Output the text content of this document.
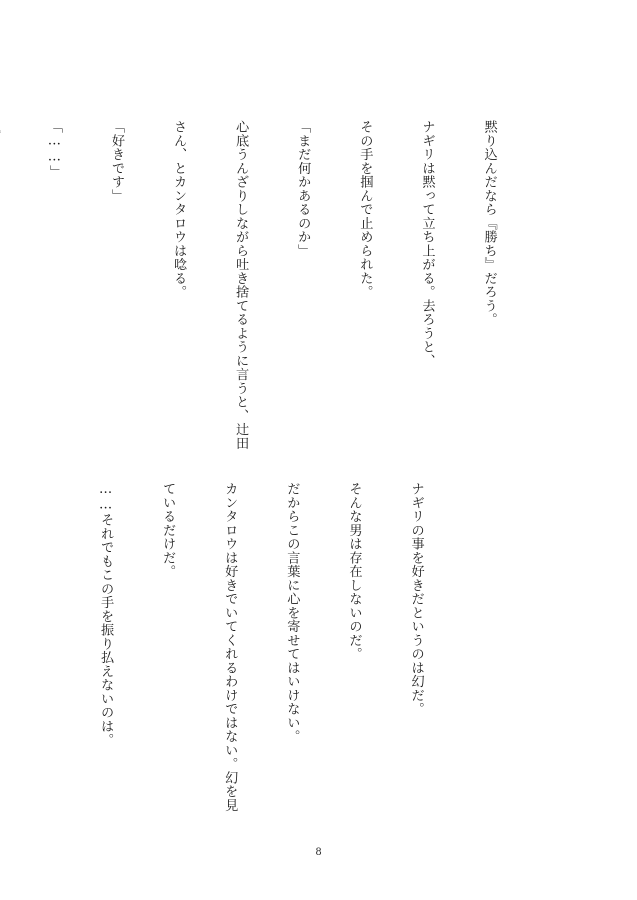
黙り込んだなら『勝ち』だろう。

ナギリは黙って立ち上がる。去ろうと、

その手を掴んで止められた。

「まだ何かあるのか」

心底うんざりしながら吐き捨てるように言うと、辻田

さん、とカンタロウは唸る。

「好きです」

「……」

ナギリの事を好きだというのは幻だ。

そんな男は存在しないのだ。

だからこの言葉に心を寄せてはいけない。

カンタロウは好きでいてくれるわけではない。幻を見

ているだけだ。

……それでもこの手を振り払えないのは。

8
